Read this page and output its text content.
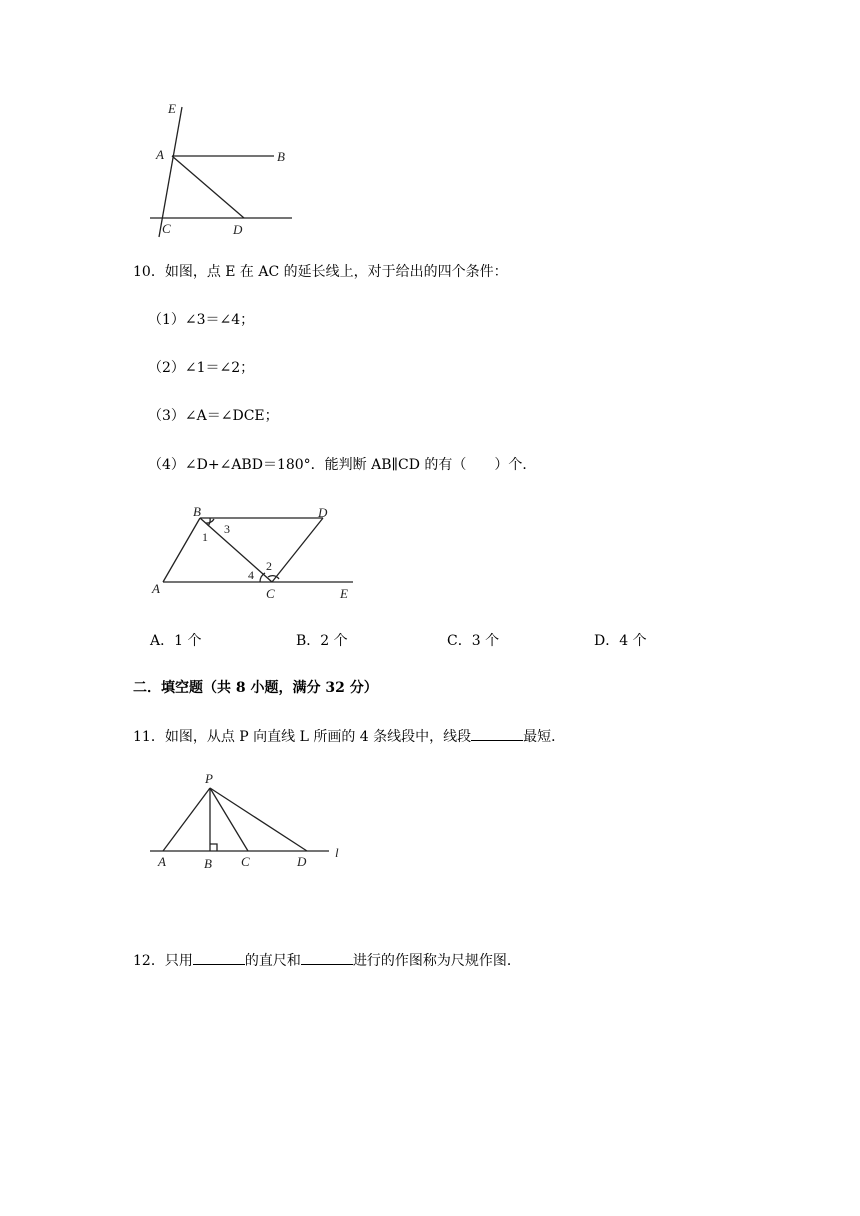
E
A	B
C	D
10．如图，点 E 在 AC 的延长线上，对于给出的四个条件：
（1）∠3＝∠4；
（2）∠1＝∠2；
（3）∠A＝∠DCE；
（4）∠D+∠ABD＝180°．能判断 AB∥CD 的有（　　）个．
B	D
A	C	E
1
3
2
4
A．1 个	B．2 个	C．3 个	D．4 个
二．填空题（共 8 小题，满分 32 分）
11．如图，从点 P 向直线 L 所画的 4 条线段中，线段	最短．
P
A	B C	D
l
12．只用	的直尺和	进行的作图称为尺规作图．
